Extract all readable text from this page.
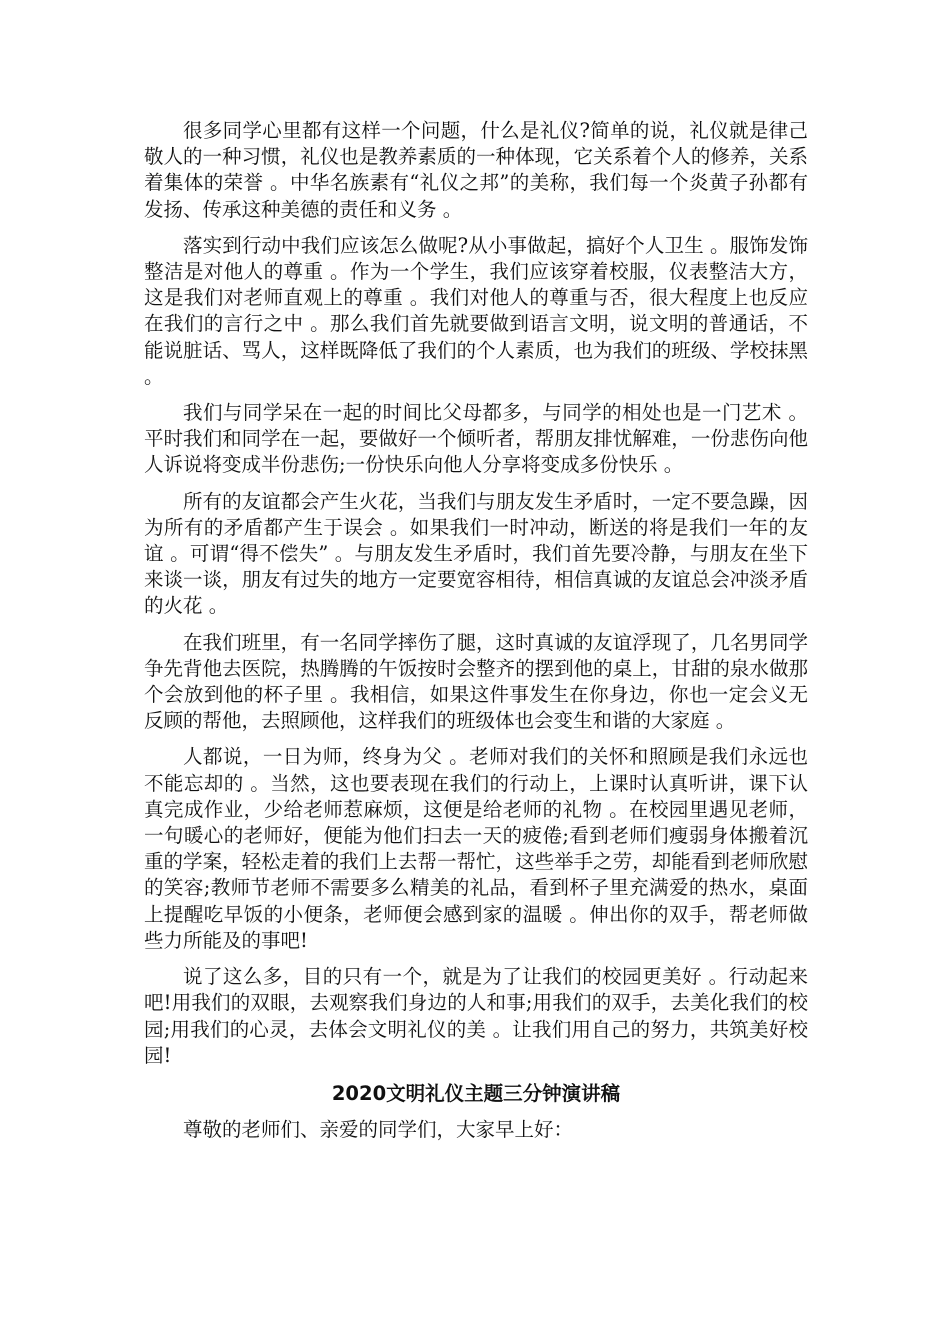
很多同学心里都有这样一个问题，什么是礼仪?简单的说，礼仪就是律己敬人的一种习惯，礼仪也是教养素质的一种体现，它关系着个人的修养，关系着集体的荣誉 。中华名族素有“礼仪之邦”的美称，我们每一个炎黄子孙都有发扬、传承这种美德的责任和义务 。

落实到行动中我们应该怎么做呢?从小事做起，搞好个人卫生 。服饰发饰整洁是对他人的尊重 。作为一个学生，我们应该穿着校服，仪表整洁大方，这是我们对老师直观上的尊重 。我们对他人的尊重与否，很大程度上也反应在我们的言行之中 。那么我们首先就要做到语言文明，说文明的普通话，不能说脏话、骂人，这样既降低了我们的个人素质，也为我们的班级、学校抹黑 。

我们与同学呆在一起的时间比父母都多，与同学的相处也是一门艺术 。平时我们和同学在一起，要做好一个倾听者，帮朋友排忧解难，一份悲伤向他人诉说将变成半份悲伤;一份快乐向他人分享将变成多份快乐 。

所有的友谊都会产生火花，当我们与朋友发生矛盾时，一定不要急躁，因为所有的矛盾都产生于误会 。如果我们一时冲动，断送的将是我们一年的友谊 。可谓“得不偿失” 。与朋友发生矛盾时，我们首先要冷静，与朋友在坐下来谈一谈，朋友有过失的地方一定要宽容相待，相信真诚的友谊总会冲淡矛盾的火花 。

在我们班里，有一名同学摔伤了腿，这时真诚的友谊浮现了，几名男同学争先背他去医院，热腾腾的午饭按时会整齐的摆到他的桌上，甘甜的泉水做那个会放到他的杯子里 。我相信，如果这件事发生在你身边，你也一定会义无反顾的帮他，去照顾他，这样我们的班级体也会变生和谐的大家庭 。

人都说，一日为师，终身为父 。老师对我们的关怀和照顾是我们永远也不能忘却的 。当然，这也要表现在我们的行动上，上课时认真听讲，课下认真完成作业，少给老师惹麻烦，这便是给老师的礼物 。在校园里遇见老师，一句暖心的老师好，便能为他们扫去一天的疲倦;看到老师们瘦弱身体搬着沉重的学案，轻松走着的我们上去帮一帮忙，这些举手之劳，却能看到老师欣慰的笑容;教师节老师不需要多么精美的礼品，看到杯子里充满爱的热水，桌面上提醒吃早饭的小便条，老师便会感到家的温暖 。伸出你的双手，帮老师做些力所能及的事吧!

说了这么多，目的只有一个，就是为了让我们的校园更美好 。行动起来吧!用我们的双眼，去观察我们身边的人和事;用我们的双手，去美化我们的校园;用我们的心灵，去体会文明礼仪的美 。让我们用自己的努力，共筑美好校园!

2020文明礼仪主题三分钟演讲稿

尊敬的老师们、亲爱的同学们，大家早上好：
